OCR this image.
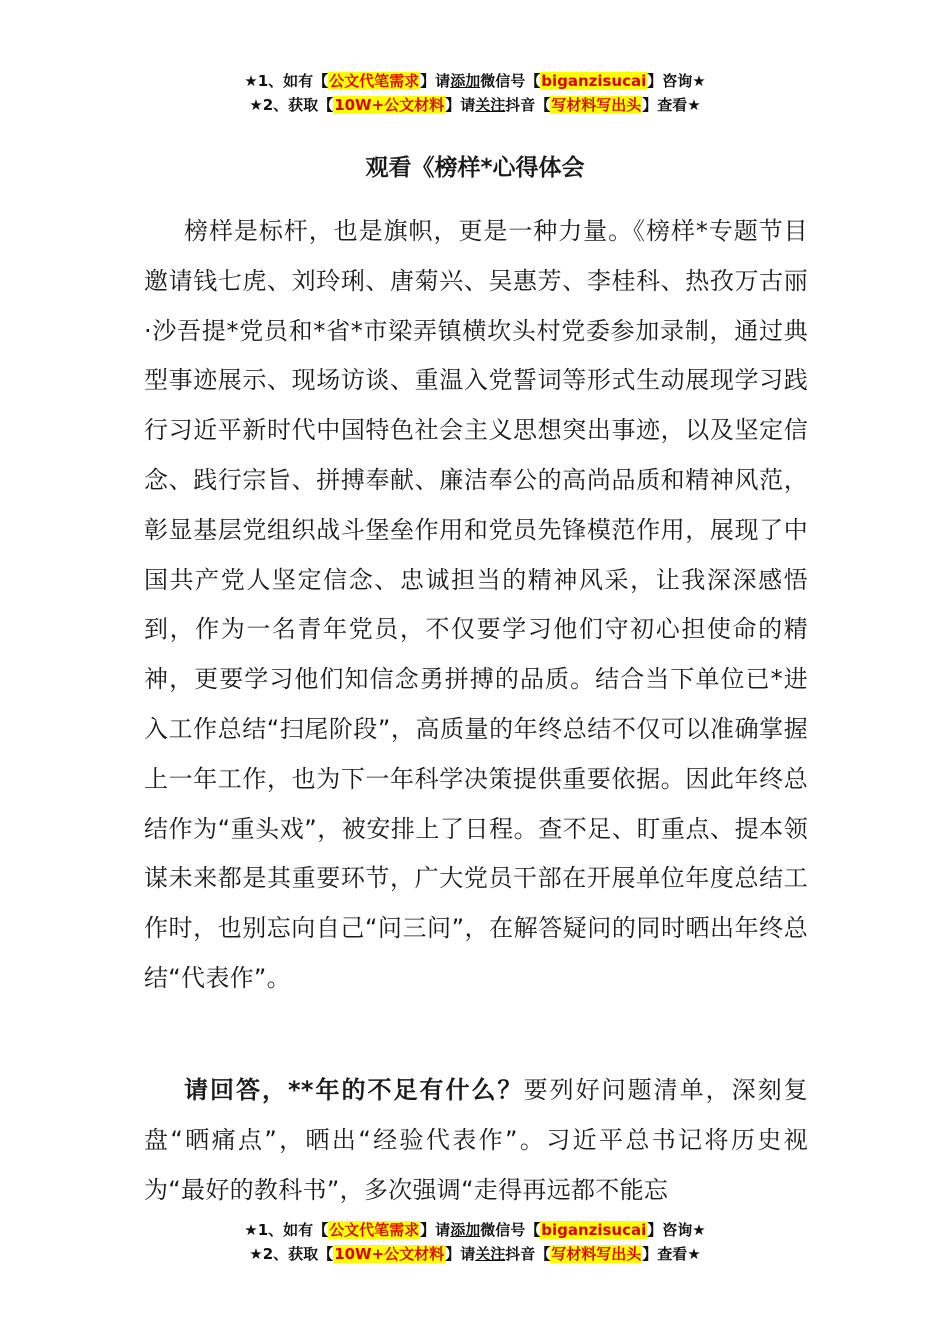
★1、如有【公文代笔需求】请添加微信号【biganzisucai】咨询★
★2、获取【10W+公文材料】请关注抖音【写材料写出头】查看★
观看《榜样*心得体会

榜样是标杆，也是旗帜，更是一种力量。《榜样*专题节目邀请钱七虎、刘玲琍、唐菊兴、吴惠芳、李桂科、热孜万古丽·沙吾提*党员和*省*市梁弄镇横坎头村党委参加录制，通过典型事迹展示、现场访谈、重温入党誓词等形式生动展现学习践行习近平新时代中国特色社会主义思想突出事迹，以及坚定信念、践行宗旨、拼搏奉献、廉洁奉公的高尚品质和精神风范，彰显基层党组织战斗堡垒作用和党员先锋模范作用，展现了中国共产党人坚定信念、忠诚担当的精神风采，让我深深感悟到，作为一名青年党员，不仅要学习他们守初心担使命的精神，更要学习他们知信念勇拼搏的品质。结合当下单位已*进入工作总结“扫尾阶段”，高质量的年终总结不仅可以准确掌握上一年工作，也为下一年科学决策提供重要依据。因此年终总结作为“重头戏”，被安排上了日程。查不足、盯重点、提本领谋未来都是其重要环节，广大党员干部在开展单位年度总结工作时，也别忘向自己“问三问”，在解答疑问的同时晒出年终总结“代表作”。

请回答，**年的不足有什么？要列好问题清单，深刻复盘“晒痛点”，晒出“经验代表作”。习近平总书记将历史视为“最好的教科书”，多次强调“走得再远都不能忘

★1、如有【公文代笔需求】请添加微信号【biganzisucai】咨询★
★2、获取【10W+公文材料】请关注抖音【写材料写出头】查看★
